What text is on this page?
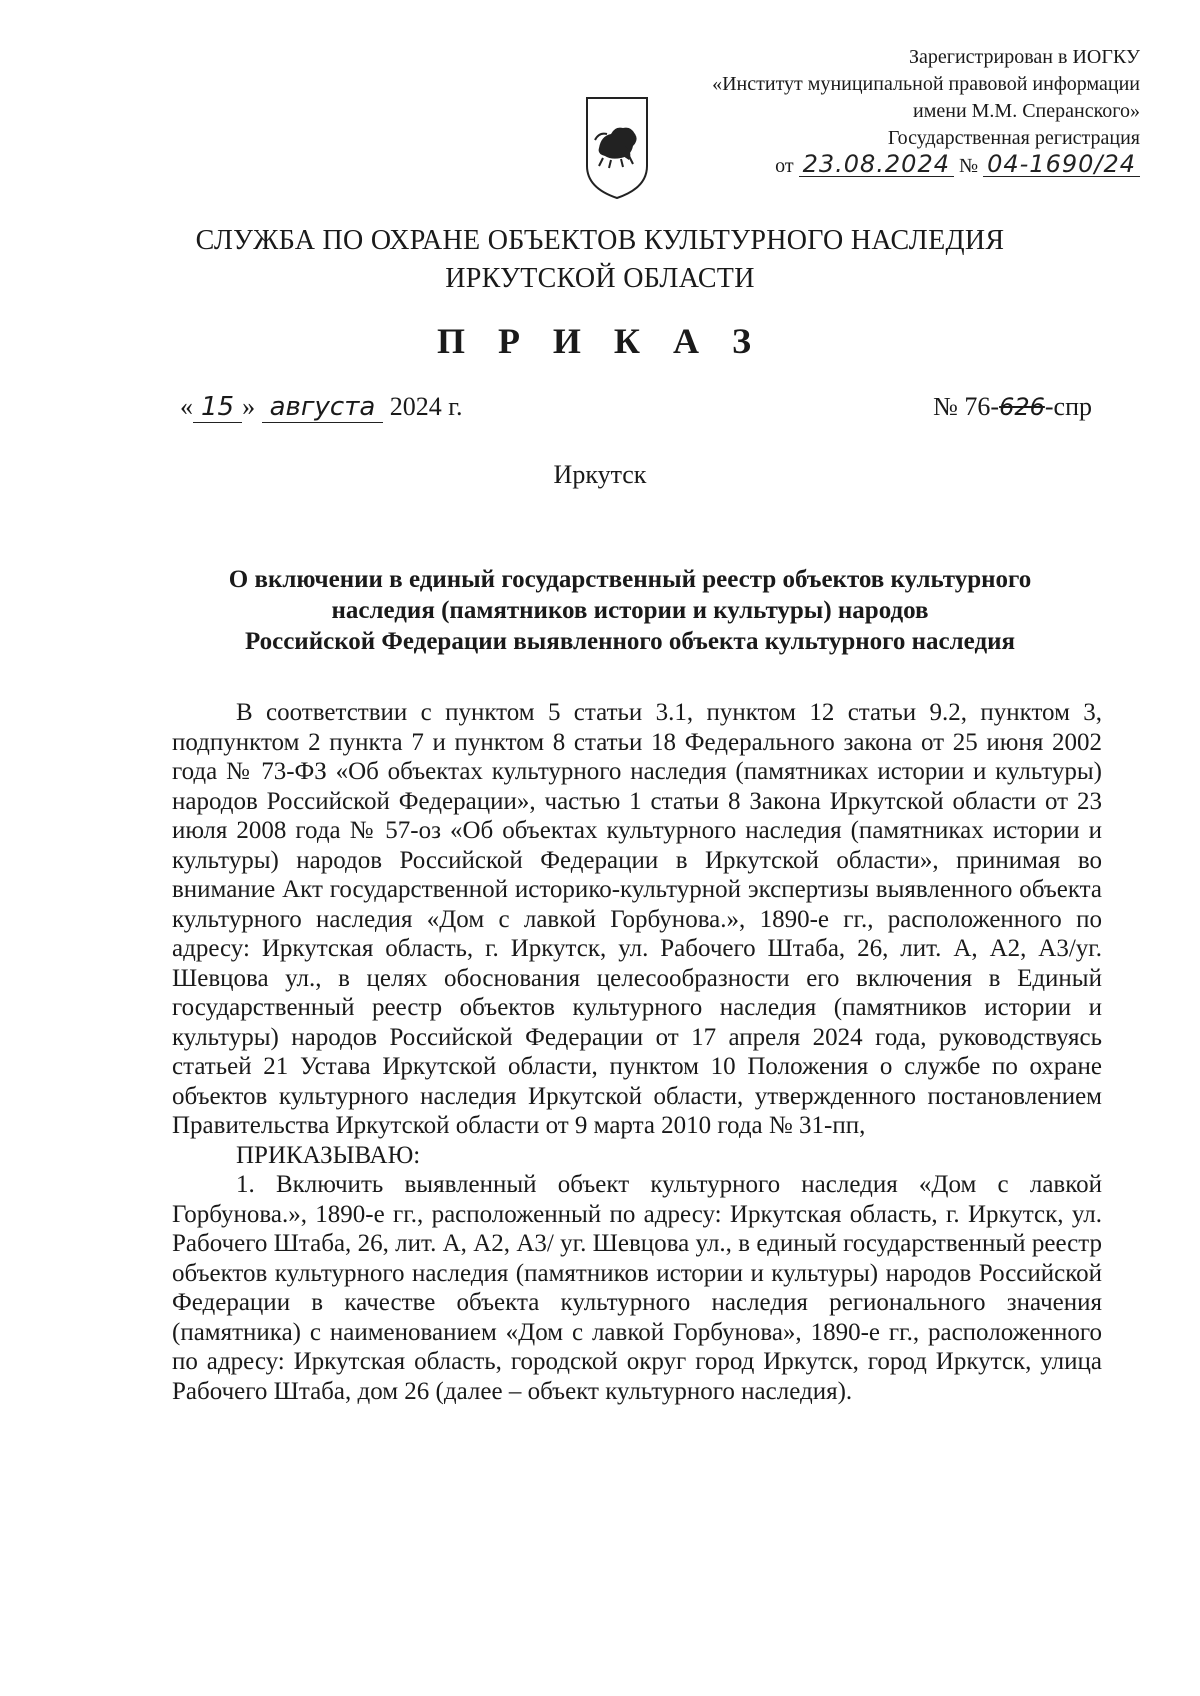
Зарегистрирован в ИОГКУ
«Институт муниципальной правовой информации
имени М.М. Сперанского»
Государственная регистрация
от 23.08.2024 № 04-1690/24
СЛУЖБА ПО ОХРАНЕ ОБЪЕКТОВ КУЛЬТУРНОГО НАСЛЕДИЯ
ИРКУТСКОЙ ОБЛАСТИ
П Р И К А З
« 15 » августа 2024 г.	№ 76-626-спр
Иркутск
О включении в единый государственный реестр объектов культурного
наследия (памятников истории и культуры) народов
Российской Федерации выявленного объекта культурного наследия

В соответствии с пунктом 5 статьи 3.1, пунктом 12 статьи 9.2, пунктом 3, подпунктом 2 пункта 7 и пунктом 8 статьи 18 Федерального закона от 25 июня 2002 года № 73-ФЗ «Об объектах культурного наследия (памятниках истории и культуры) народов Российской Федерации», частью 1 статьи 8 Закона Иркутской области от 23 июля 2008 года № 57-оз «Об объектах культурного наследия (памятниках истории и культуры) народов Российской Федерации в Иркутской области», принимая во внимание Акт государственной историко-культурной экспертизы выявленного объекта культурного наследия «Дом с лавкой Горбунова.», 1890-е гг., расположенного по адресу: Иркутская область, г. Иркутск, ул. Рабочего Штаба, 26, лит. А, А2, А3/уг. Шевцова ул., в целях обоснования целесообразности его включения в Единый государственный реестр объектов культурного наследия (памятников истории и культуры) народов Российской Федерации от 17 апреля 2024 года, руководствуясь статьей 21 Устава Иркутской области, пунктом 10 Положения о службе по охране объектов культурного наследия Иркутской области, утвержденного постановлением Правительства Иркутской области от 9 марта 2010 года № 31-пп,

ПРИКАЗЫВАЮ:

1. Включить выявленный объект культурного наследия «Дом с лавкой Горбунова.», 1890-е гг., расположенный по адресу: Иркутская область, г. Иркутск, ул. Рабочего Штаба, 26, лит. А, А2, А3/ уг. Шевцова ул., в единый государственный реестр объектов культурного наследия (памятников истории и культуры) народов Российской Федерации в качестве объекта культурного наследия регионального значения (памятника) с наименованием «Дом с лавкой Горбунова», 1890-е гг., расположенного по адресу: Иркутская область, городской округ город Иркутск, город Иркутск, улица Рабочего Штаба, дом 26 (далее – объект культурного наследия).
